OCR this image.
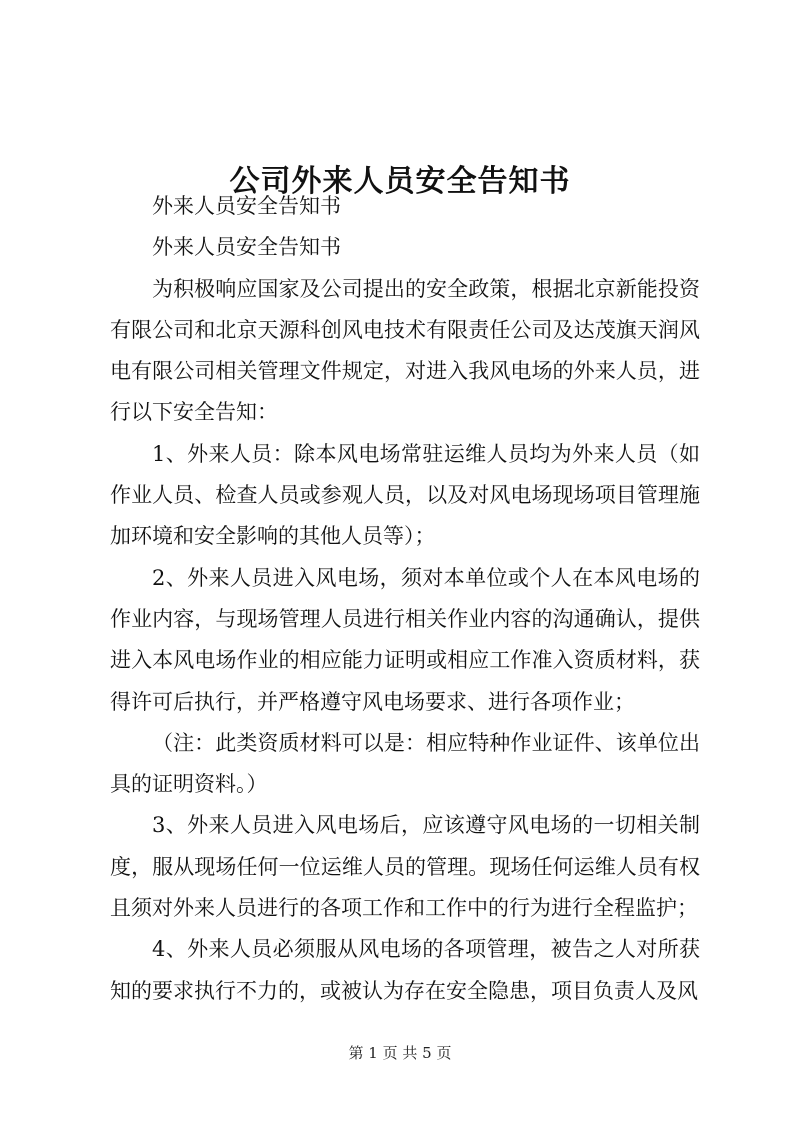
公司外来人员安全告知书

外来人员安全告知书

外来人员安全告知书

为积极响应国家及公司提出的安全政策，根据北京新能投资有限公司和北京天源科创风电技术有限责任公司及达茂旗天润风电有限公司相关管理文件规定，对进入我风电场的外来人员，进行以下安全告知：

1、外来人员：除本风电场常驻运维人员均为外来人员（如作业人员、检查人员或参观人员，以及对风电场现场项目管理施加环境和安全影响的其他人员等）；

2、外来人员进入风电场，须对本单位或个人在本风电场的作业内容，与现场管理人员进行相关作业内容的沟通确认，提供进入本风电场作业的相应能力证明或相应工作准入资质材料，获得许可后执行，并严格遵守风电场要求、进行各项作业；

（注：此类资质材料可以是：相应特种作业证件、该单位出具的证明资料。）

3、外来人员进入风电场后，应该遵守风电场的一切相关制度，服从现场任何一位运维人员的管理。现场任何运维人员有权且须对外来人员进行的各项工作和工作中的行为进行全程监护；

4、外来人员必须服从风电场的各项管理，被告之人对所获知的要求执行不力的，或被认为存在安全隐患，项目负责人及风

第 1 页 共 5 页
